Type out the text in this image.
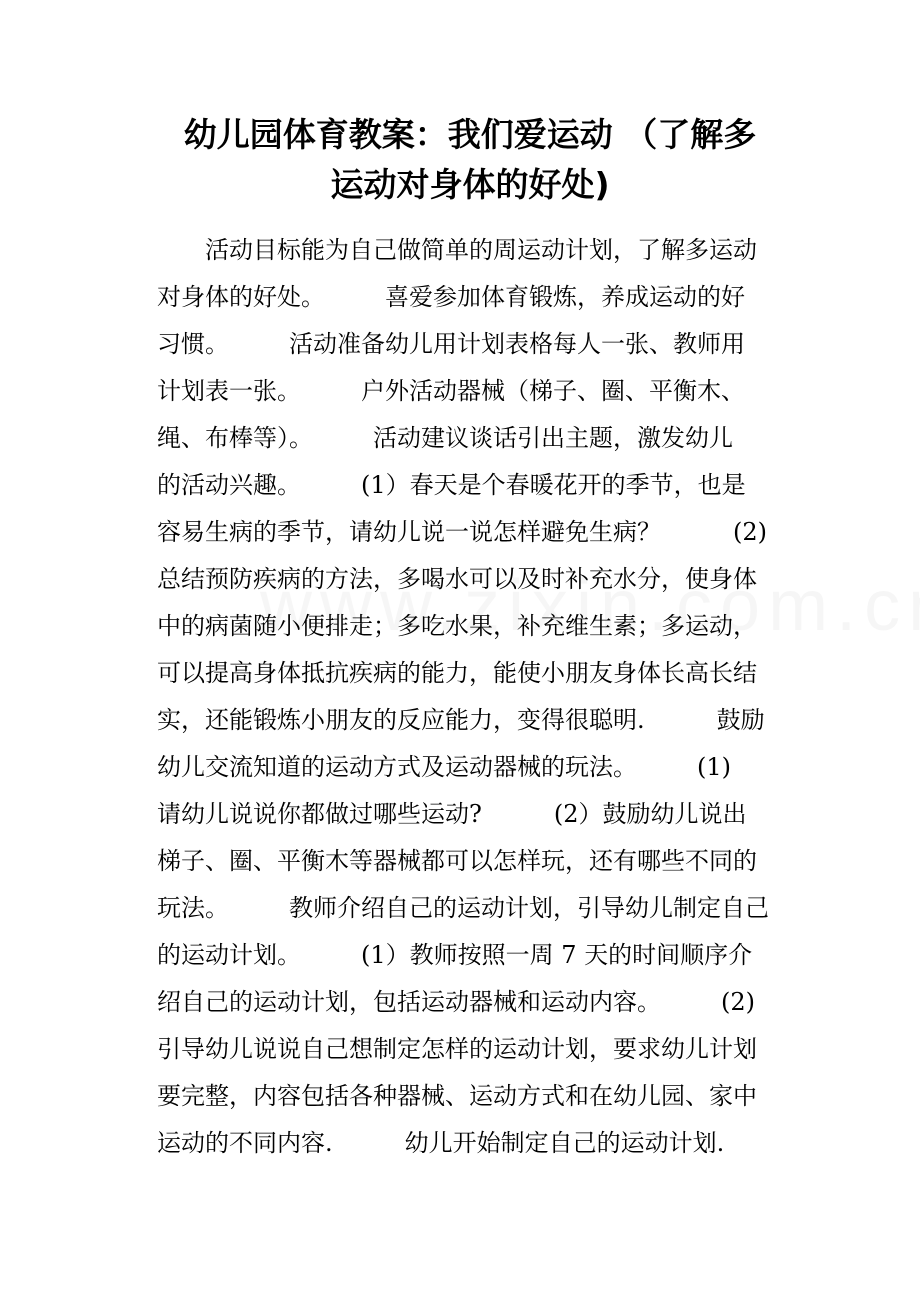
幼儿园体育教案：我们爱运动 （了解多
运动对身体的好处)
　　活动目标能为自己做简单的周运动计划，了解多运动
对身体的好处。　　　喜爱参加体育锻炼，养成运动的好
习惯。　　　活动准备幼儿用计划表格每人一张、教师用
计划表一张。　　　户外活动器械（梯子、圈、平衡木、
绳、布棒等）。　　　活动建议谈话引出主题，激发幼儿
的活动兴趣。　　　(1）春天是个春暖花开的季节，也是
容易生病的季节，请幼儿说一说怎样避免生病？　　　(2)
总结预防疾病的方法，多喝水可以及时补充水分，使身体
中的病菌随小便排走；多吃水果，补充维生素；多运动，
可以提高身体抵抗疾病的能力，能使小朋友身体长高长结
实，还能锻炼小朋友的反应能力，变得很聪明.　　　鼓励
幼儿交流知道的运动方式及运动器械的玩法。　　　(1)
请幼儿说说你都做过哪些运动?　　　(2）鼓励幼儿说出
梯子、圈、平衡木等器械都可以怎样玩，还有哪些不同的
玩法。　　　教师介绍自己的运动计划，引导幼儿制定自己
的运动计划。　　　(1）教师按照一周 7 天的时间顺序介
绍自己的运动计划，包括运动器械和运动内容。　　　(2)
引导幼儿说说自己想制定怎样的运动计划，要求幼儿计划
要完整，内容包括各种器械、运动方式和在幼儿园、家中
运动的不同内容.　　　幼儿开始制定自己的运动计划.
